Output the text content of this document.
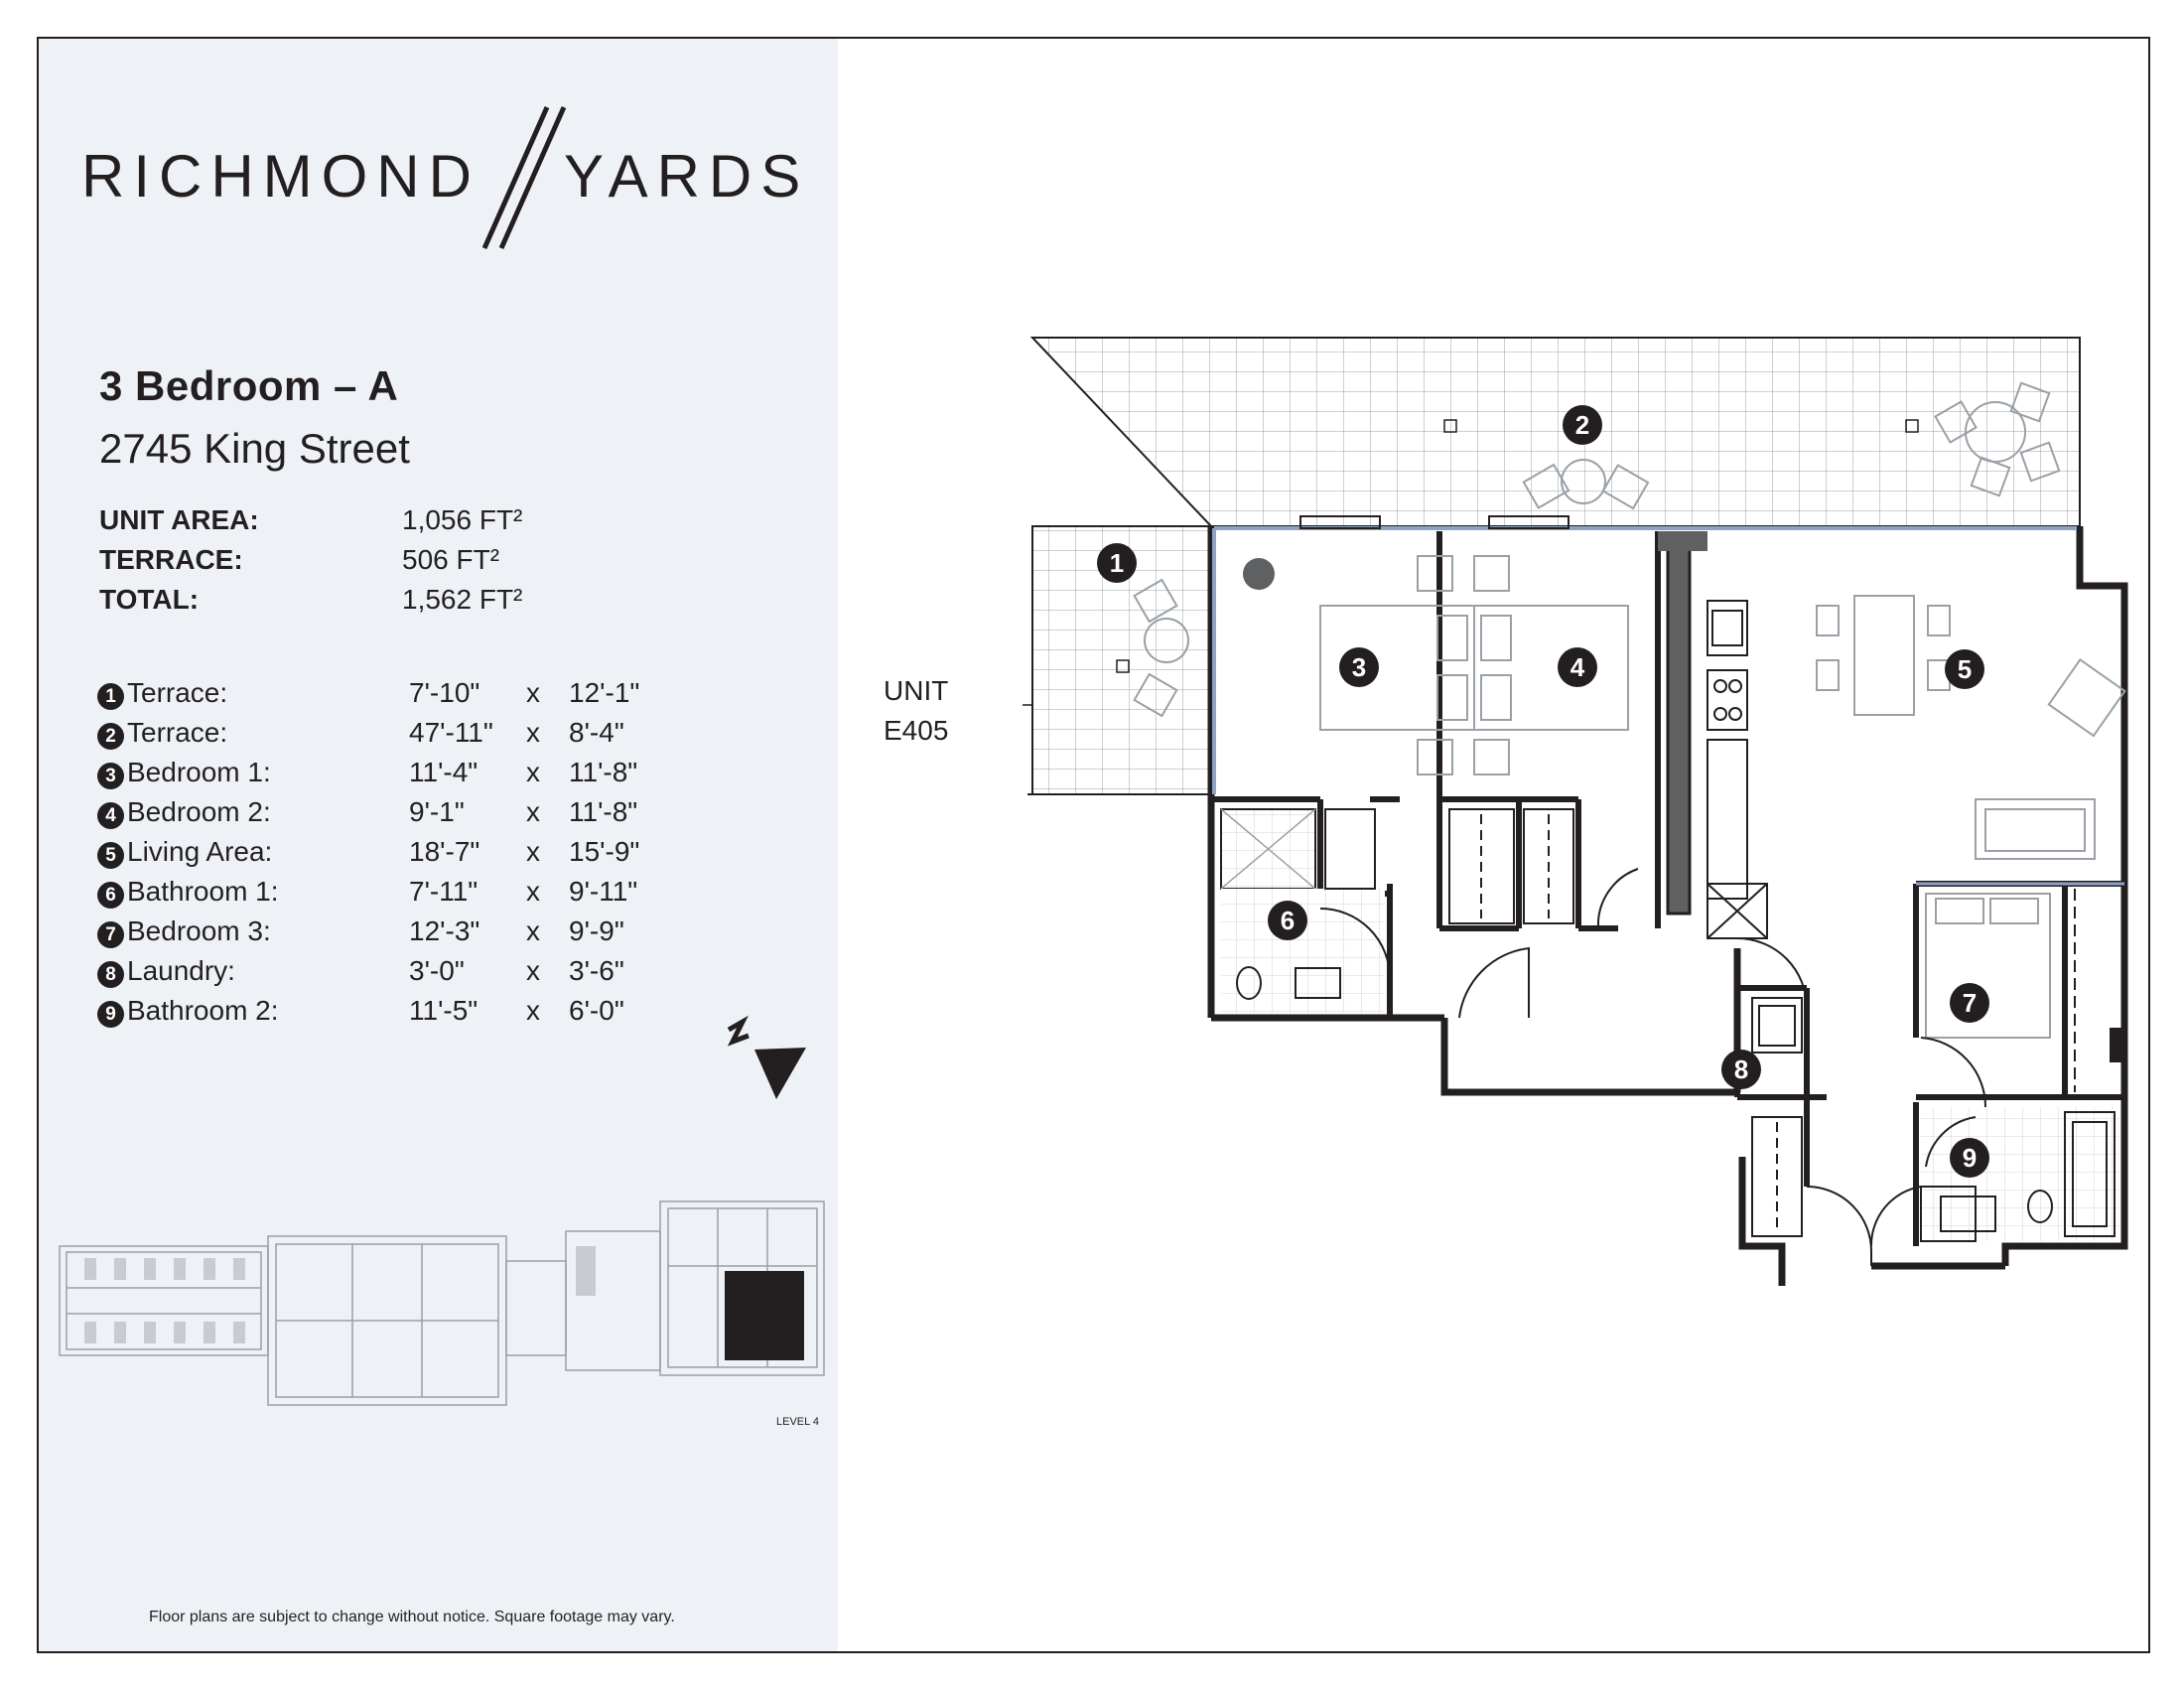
RICHMOND YARDS
3 Bedroom – A
2745 King Street
UNIT AREA:	1,056 FT²
TERRACE:	506 FT²
TOTAL:	1,562 FT²
1 Terrace:	7'-10" x 12'-1"
2 Terrace:	47'-11" x 8'-4"
3 Bedroom 1:	11'-4" x 11'-8"
4 Bedroom 2:	9'-1" x 11'-8"
5 Living Area:	18'-7" x 15'-9"
6 Bathroom 1:	7'-11" x 9'-11"
7 Bedroom 3:	12'-3" x 9'-9"
8 Laundry:	3'-0" x 3'-6"
9 Bathroom 2:	11'-5" x 6'-0"
LEVEL 4
1
2
3	4	5
6
7
8
9
UNIT
E405
Floor plans are subject to change without notice. Square footage may vary.
